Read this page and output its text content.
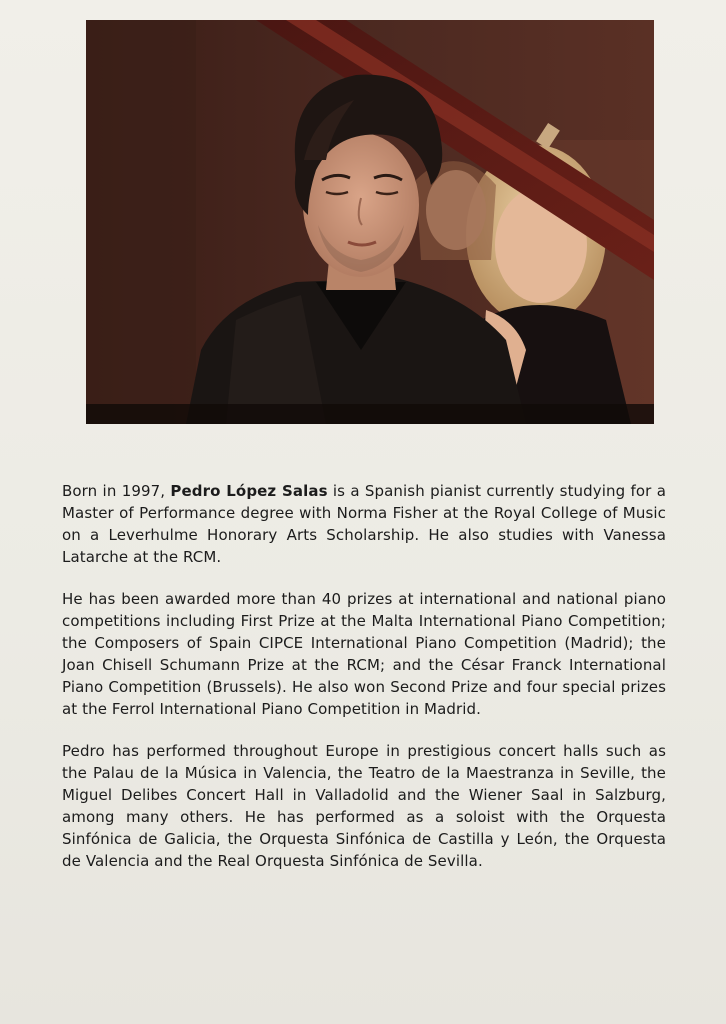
Born in 1997, Pedro López Salas is a Spanish pianist currently studying for a Master of Performance degree with Norma Fisher at the Royal College of Music on a Leverhulme Honorary Arts Scholarship. He also studies with Vanessa Latarche at the RCM.

He has been awarded more than 40 prizes at international and national piano competitions including First Prize at the Malta International Piano Competition; the Composers of Spain CIPCE International Piano Competition (Madrid); the Joan Chisell Schumann Prize at the RCM; and the César Franck International Piano Competition (Brussels). He also won Second Prize and four special prizes at the Ferrol International Piano Competition in Madrid.

Pedro has performed throughout Europe in prestigious concert halls such as the Palau de la Música in Valencia, the Teatro de la Maestranza in Seville, the Miguel Delibes Concert Hall in Valladolid and the Wiener Saal in Salzburg, among many others. He has performed as a soloist with the Orquesta Sinfónica de Galicia, the Orquesta Sinfónica de Castilla y León, the Orquesta de Valencia and the Real Orquesta Sinfónica de Sevilla.
